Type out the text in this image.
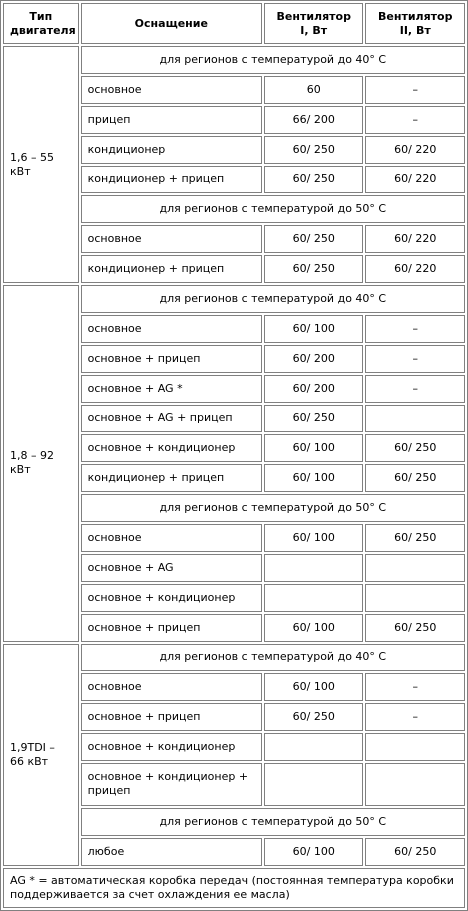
Тип двигателя	Оснащение	Вентилятор I, Вт	Вентилятор II, Вт
1,6 – 55 кВт	для регионов с температурой до 40° С		
	основное	60	–
	прицеп	66/ 200	–
	кондиционер	60/ 250	60/ 220
	кондиционер + прицеп	60/ 250	60/ 220
	для регионов с температурой до 50° С		
	основное	60/ 250	60/ 220
	кондиционер + прицеп	60/ 250	60/ 220
1,8 – 92 кВт	для регионов с температурой до 40° С		
	основное	60/ 100	–
	основное + прицеп	60/ 200	–
	основное + AG *	60/ 200	–
	основное + AG + прицеп	60/ 250	
	основное + кондиционер	60/ 100	60/ 250
	кондиционер + прицеп	60/ 100	60/ 250
	для регионов с температурой до 50° С		
	основное	60/ 100	60/ 250
	основное + AG		
	основное + кондиционер		
	основное + прицеп	60/ 100	60/ 250
1,9TDI – 66 кВт	для регионов с температурой до 40° С		
	основное	60/ 100	–
	основное + прицеп	60/ 250	–
	основное + кондиционер		
	основное + кондиционер + прицеп		
	для регионов с температурой до 50° С		
	любое	60/ 100	60/ 250
AG * = автоматическая коробка передач (постоянная температура коробки поддерживается за счет охлаждения ее масла)			
